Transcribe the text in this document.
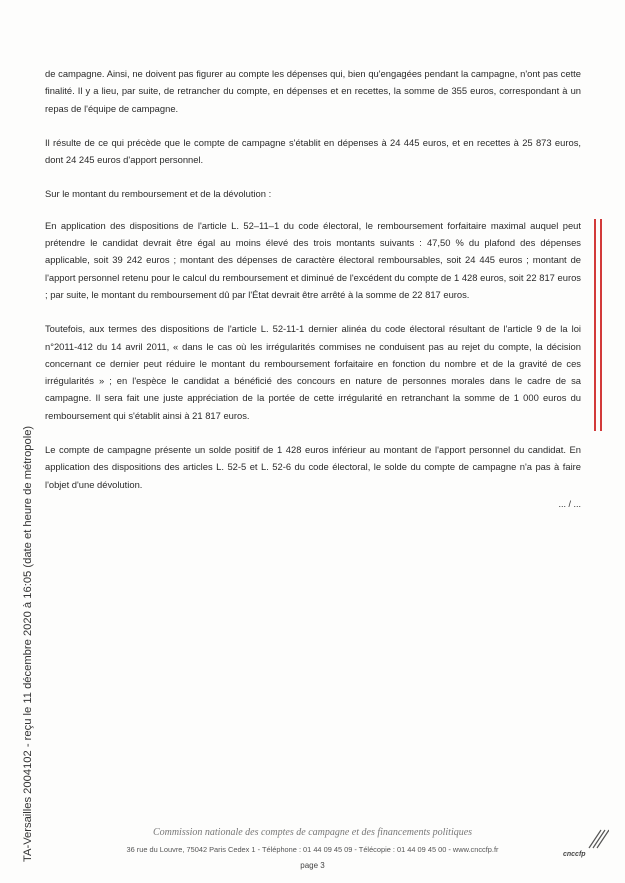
de campagne. Ainsi, ne doivent pas figurer au compte les dépenses qui, bien qu'engagées pendant la campagne, n'ont pas cette finalité. Il y a lieu, par suite, de retrancher du compte, en dépenses et en recettes, la somme de 355 euros, correspondant à un repas de l'équipe de campagne.

Il résulte de ce qui précède que le compte de campagne s'établit en dépenses à 24 445 euros, et en recettes à 25 873 euros, dont 24 245 euros d'apport personnel.

Sur le montant du remboursement et de la dévolution :

En application des dispositions de l'article L. 52–11–1 du code électoral, le remboursement forfaitaire maximal auquel peut prétendre le candidat devrait être égal au moins élevé des trois montants suivants : 47,50 % du plafond des dépenses applicable, soit 39 242 euros ; montant des dépenses de caractère électoral remboursables, soit 24 445 euros ; montant de l'apport personnel retenu pour le calcul du remboursement et diminué de l'excédent du compte de 1 428 euros, soit 22 817 euros ; par suite, le montant du remboursement dû par l'État devrait être arrêté à la somme de 22 817 euros.

Toutefois, aux termes des dispositions de l'article L. 52-11-1 dernier alinéa du code électoral résultant de l'article 9 de la loi n°2011-412 du 14 avril 2011, « dans le cas où les irrégularités commises ne conduisent pas au rejet du compte, la décision concernant ce dernier peut réduire le montant du remboursement forfaitaire en fonction du nombre et de la gravité de ces irrégularités » ; en l'espèce le candidat a bénéficié des concours en nature de personnes morales dans le cadre de sa campagne. Il sera fait une juste appréciation de la portée de cette irrégularité en retranchant la somme de 1 000 euros du remboursement qui s'établit ainsi à 21 817 euros.

Le compte de campagne présente un solde positif de 1 428 euros inférieur au montant de l'apport personnel du candidat. En application des dispositions des articles L. 52-5 et L. 52-6 du code électoral, le solde du compte de campagne n'a pas à faire l'objet d'une dévolution.

... / ...
TA-Versailles 2004102 - reçu le 11 décembre 2020 à 16:05 (date et heure de métropole)	Commission nationale des comptes de campagne et des financements politiques
36 rue du Louvre, 75042 Paris Cedex 1 - Téléphone : 01 44 09 45 09 - Télécopie : 01 44 09 45 00 - www.cnccfp.fr
page 3
cnccfp
